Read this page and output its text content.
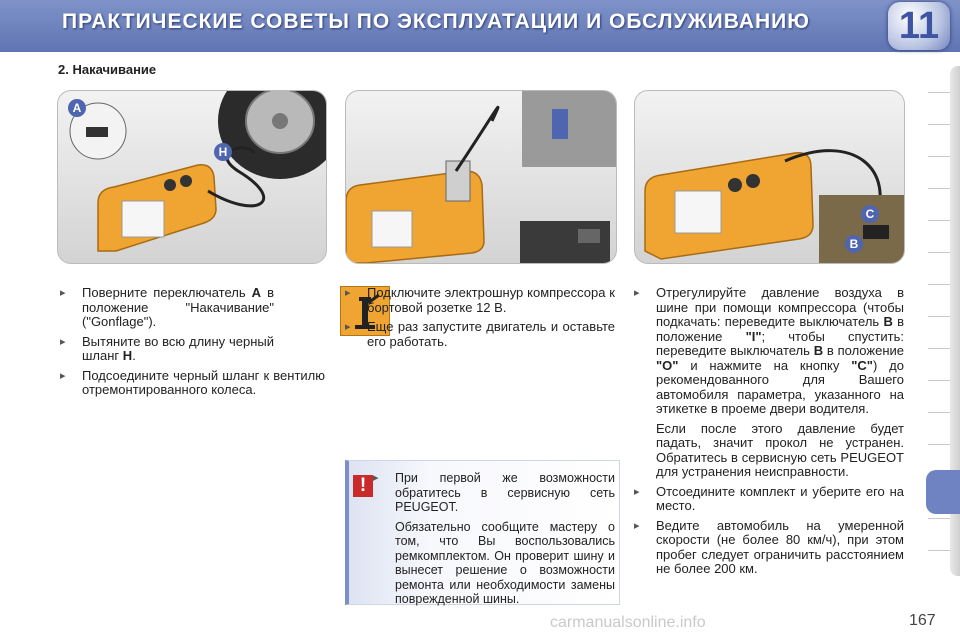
ПРАКТИЧЕСКИЕ СОВЕТЫ ПО ЭКСПЛУАТАЦИИ И ОБСЛУЖИВАНИЮ 11
2. Накачивание
A
H
C
B
▸ Поверните переключатель A в положение "Накачивание" ("Gonflage").
▸ Вытяните во всю длину черный шланг H.
▸ Подсоедините черный шланг к вентилю отремонтированного колеса.
▸ Подключите электрошнур компрессора к бортовой розетке 12 В.
▸ Еще раз запустите двигатель и оставьте его работать.
! ▸ При первой же возможности обратитесь в сервисную сеть PEUGEOT.
Обязательно сообщите мастеру о том, что Вы воспользовались ремкомплектом. Он проверит шину и вынесет решение о возможности ремонта или необходимости замены поврежденной шины.
▸ Отрегулируйте давление воздуха в шине при помощи компрессора (чтобы подкачать: переведите выключатель B в положение "I"; чтобы спустить: переведите выключатель B в положение "O" и нажмите на кнопку "C") до рекомендованного для Вашего автомобиля параметра, указанного на этикетке в проеме двери водителя.
Если после этого давление будет падать, значит прокол не устранен. Обратитесь в сервисную сеть PEUGEOT для устранения неисправности.
▸ Отсоедините комплект и уберите его на место.
▸ Ведите автомобиль на умеренной скорости (не более 80 км/ч), при этом пробег следует ограничить расстоянием не более 200 км.
carmanualsonline.info	167
